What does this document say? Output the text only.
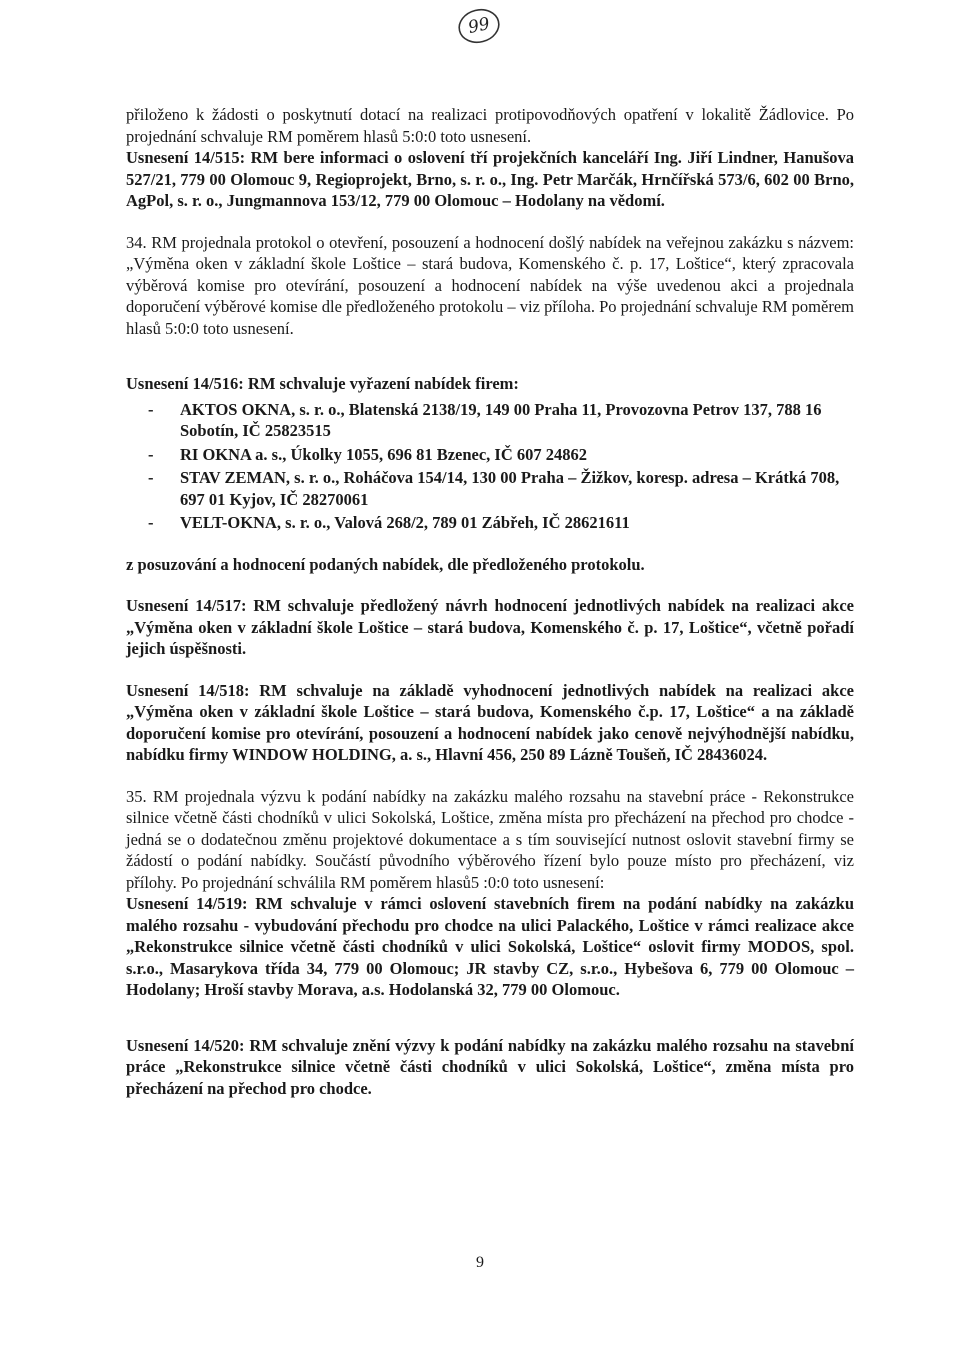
99

přiloženo k žádosti o poskytnutí dotací na realizaci protipovodňových opatření v lokalitě Žádlovice. Po projednání schvaluje RM poměrem hlasů 5:0:0 toto usnesení.

Usnesení 14/515: RM bere informaci o oslovení tří projekčních kanceláří Ing. Jiří Lindner, Hanušova 527/21, 779 00 Olomouc 9, Regioprojekt, Brno, s. r. o., Ing. Petr Marčák, Hrnčířská 573/6, 602 00 Brno, AgPol, s. r. o., Jungmannova 153/12, 779 00 Olomouc – Hodolany na vědomí.

34. RM projednala protokol o otevření, posouzení a hodnocení došlý nabídek na veřejnou zakázku s názvem: „Výměna oken v základní škole Loštice – stará budova, Komenského č. p. 17, Loštice“, který zpracovala výběrová komise pro otevírání, posouzení a hodnocení nabídek na výše uvedenou akci a projednala doporučení výběrové komise dle předloženého protokolu – viz příloha. Po projednání schvaluje RM poměrem hlasů 5:0:0 toto usnesení.

Usnesení 14/516: RM schvaluje vyřazení nabídek firem:

- AKTOS OKNA, s. r. o., Blatenská 2138/19, 149 00 Praha 11, Provozovna Petrov 137, 788 16 Sobotín, IČ 25823515
- RI OKNA a. s., Úkolky 1055, 696 81 Bzenec, IČ 607 24862
- STAV ZEMAN, s. r. o., Roháčova 154/14, 130 00 Praha – Žižkov, koresp. adresa – Krátká 708, 697 01 Kyjov, IČ 28270061
- VELT-OKNA, s. r. o., Valová 268/2, 789 01 Zábřeh, IČ 28621611

z posuzování a hodnocení podaných nabídek, dle předloženého protokolu.

Usnesení 14/517: RM schvaluje předložený návrh hodnocení jednotlivých nabídek na realizaci akce „Výměna oken v základní škole Loštice – stará budova, Komenského č. p. 17, Loštice“, včetně pořadí jejich úspěšnosti.

Usnesení 14/518: RM schvaluje na základě vyhodnocení jednotlivých nabídek na realizaci akce „Výměna oken v základní škole Loštice – stará budova, Komenského č.p. 17, Loštice“ a na základě doporučení komise pro otevírání, posouzení a hodnocení nabídek jako cenově nejvýhodnější nabídku, nabídku firmy WINDOW HOLDING, a. s., Hlavní 456, 250 89 Lázně Toušeň, IČ 28436024.

35. RM projednala výzvu k podání nabídky na zakázku malého rozsahu na stavební práce - Rekonstrukce silnice včetně části chodníků v ulici Sokolská, Loštice, změna místa pro přecházení na přechod pro chodce - jedná se o dodatečnou změnu projektové dokumentace a s tím související nutnost oslovit stavební firmy se žádostí o podání nabídky. Součástí původního výběrového řízení bylo pouze místo pro přecházení, viz přílohy. Po projednání schválila RM poměrem hlasů5 :0:0 toto usnesení:

Usnesení 14/519: RM schvaluje v rámci oslovení stavebních firem na podání nabídky na zakázku malého rozsahu - vybudování přechodu pro chodce na ulici Palackého, Loštice v rámci realizace akce „Rekonstrukce silnice včetně části chodníků v ulici Sokolská, Loštice“ oslovit firmy MODOS, spol. s.r.o., Masarykova třída 34, 779 00 Olomouc; JR stavby CZ, s.r.o., Hybešova 6, 779 00 Olomouc – Hodolany; Hroší stavby Morava, a.s. Hodolanská 32, 779 00 Olomouc.

Usnesení 14/520: RM schvaluje znění výzvy k podání nabídky na zakázku malého rozsahu na stavební práce „Rekonstrukce silnice včetně části chodníků v ulici Sokolská, Loštice“, změna místa pro přecházení na přechod pro chodce.

9
